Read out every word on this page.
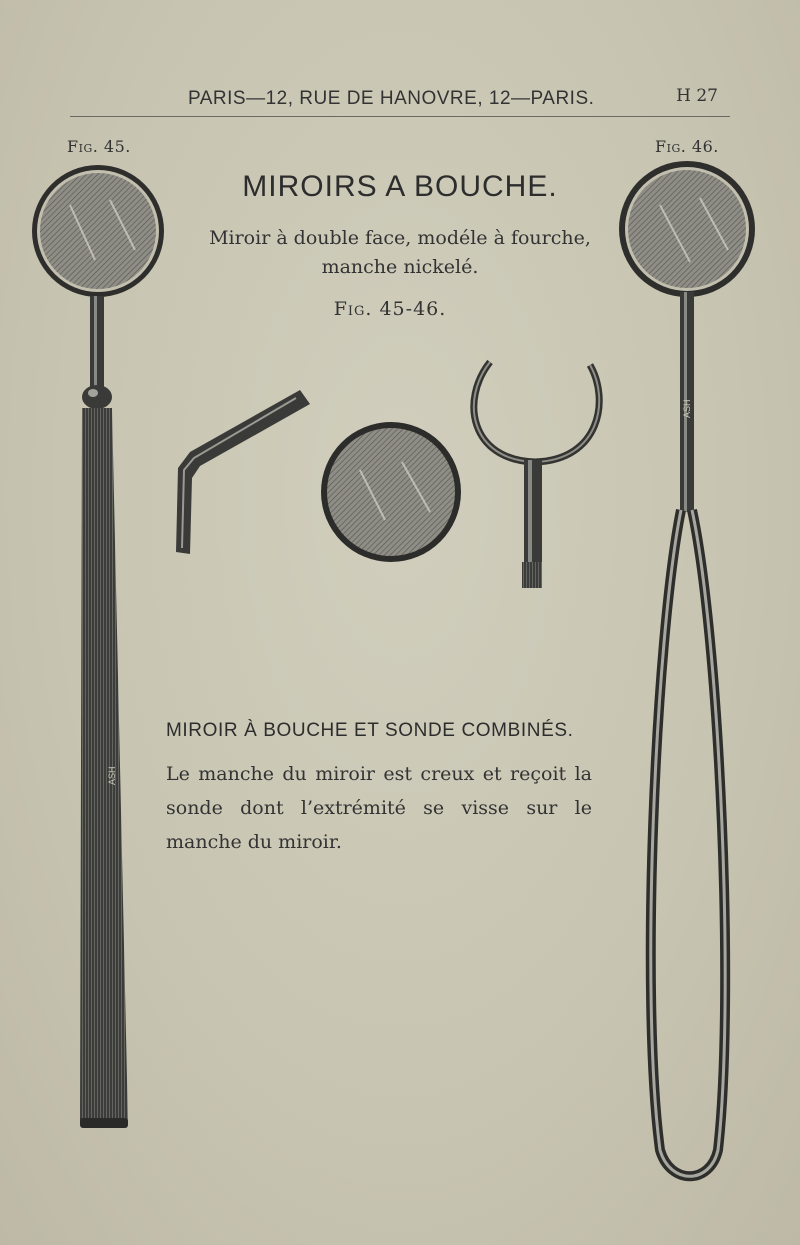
PARIS—12, RUE DE HANOVRE, 12—PARIS.	H 27
Fig. 45.	Fig. 46.
MIROIRS A BOUCHE.
Miroir à double face, modéle à fourche, manche nickelé.
Fig. 45-46.
ASH
ASH
MIROIR À BOUCHE ET SONDE COMBINÉS.
Le manche du miroir est creux et reçoit la sonde dont l’extrémité se visse sur le manche du miroir.
